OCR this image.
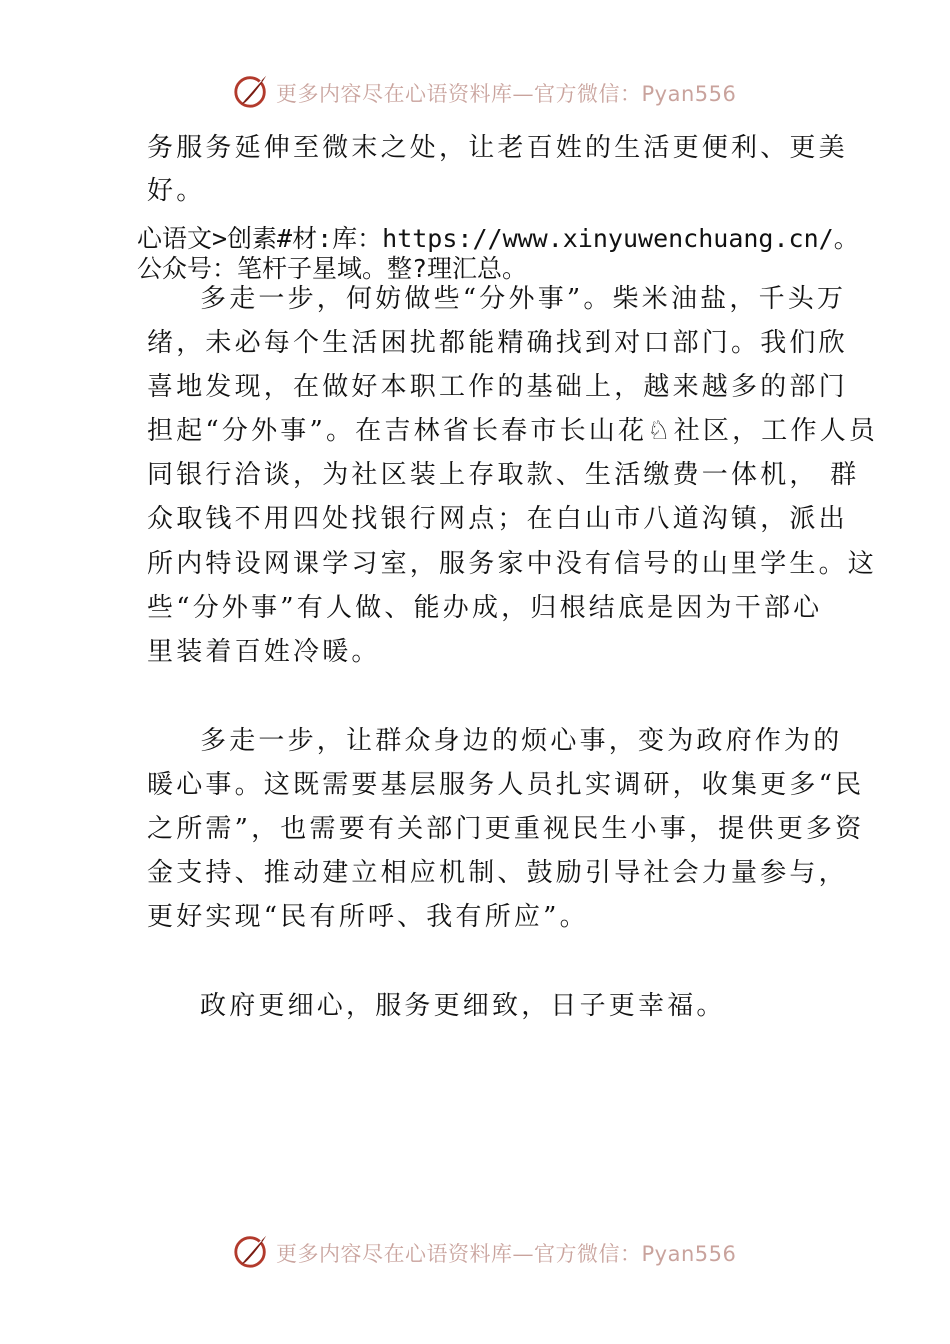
更多内容尽在心语资料库—官方微信：Pyan556
务服务延伸至微末之处，让老百姓的生活更便利、更美
好。
心语文>创素#材:库：https://www.xinyuwenchuang.cn/。
公众号：笔杆子星域。整?理汇总。
多走一步，何妨做些“分外事”。柴米油盐，千头万
绪，未必每个生活困扰都能精确找到对口部门。我们欣
喜地发现，在做好本职工作的基础上，越来越多的部门
担起“分外事”。在吉林省长春市长山花♘社区，工作人员
同银行洽谈，为社区装上存取款、生活缴费一体机， 群
众取钱不用四处找银行网点；在白山市八道沟镇，派出
所内特设网课学习室，服务家中没有信号的山里学生。这
些“分外事”有人做、能办成，归根结底是因为干部心
里装着百姓冷暖。
多走一步，让群众身边的烦心事，变为政府作为的
暖心事。这既需要基层服务人员扎实调研，收集更多“民
之所需”，也需要有关部门更重视民生小事，提供更多资
金支持、推动建立相应机制、鼓励引导社会力量参与，
更好实现“民有所呼、我有所应”。
政府更细心，服务更细致，日子更幸福。
更多内容尽在心语资料库—官方微信：Pyan556
